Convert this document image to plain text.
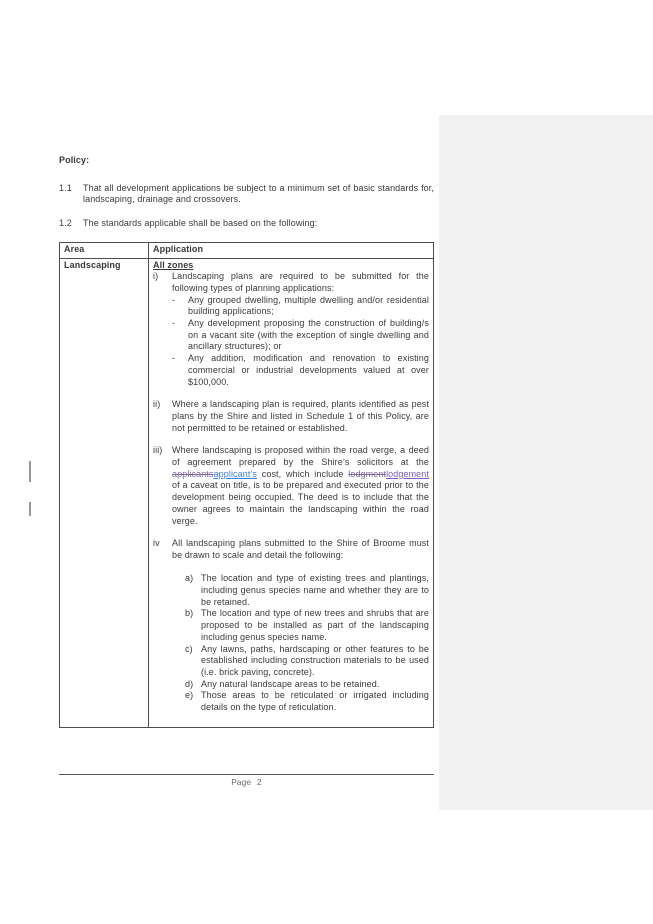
Policy:
1.1	That all development applications be subject to a minimum set of basic standards for, landscaping, drainage and crossovers.
1.2	The standards applicable shall be based on the following:
Area	Application
Landscaping	All zones
i)	Landscaping plans are required to be submitted for the following types of planning applications:
-	Any grouped dwelling, multiple dwelling and/or residential building applications;
-	Any development proposing the construction of building/s on a vacant site (with the exception of single dwelling and ancillary structures); or
-	Any addition, modification and renovation to existing commercial or industrial developments valued at over $100,000.
ii)	Where a landscaping plan is required, plants identified as pest plans by the Shire and listed in Schedule 1 of this Policy, are not permitted to be retained or established.
iii)	Where landscaping is proposed within the road verge, a deed of agreement prepared by the Shire’s solicitors at the applicantsapplicant’s cost, which include lodgmentlodgement of a caveat on title, is to be prepared and executed prior to the development being occupied. The deed is to include that the owner agrees to maintain the landscaping within the road verge.
iv	All landscaping plans submitted to the Shire of Broome must be drawn to scale and detail the following:
a) The location and type of existing trees and plantings, including genus species name and whether they are to be retained.
b) The location and type of new trees and shrubs that are proposed to be installed as part of the landscaping including genus species name.
c) Any lawns, paths, hardscaping or other features to be established including construction materials to be used (i.e. brick paving, concrete).
d) Any natural landscape areas to be retained.
e) Those areas to be reticulated or irrigated including details on the type of reticulation.
Page 2
